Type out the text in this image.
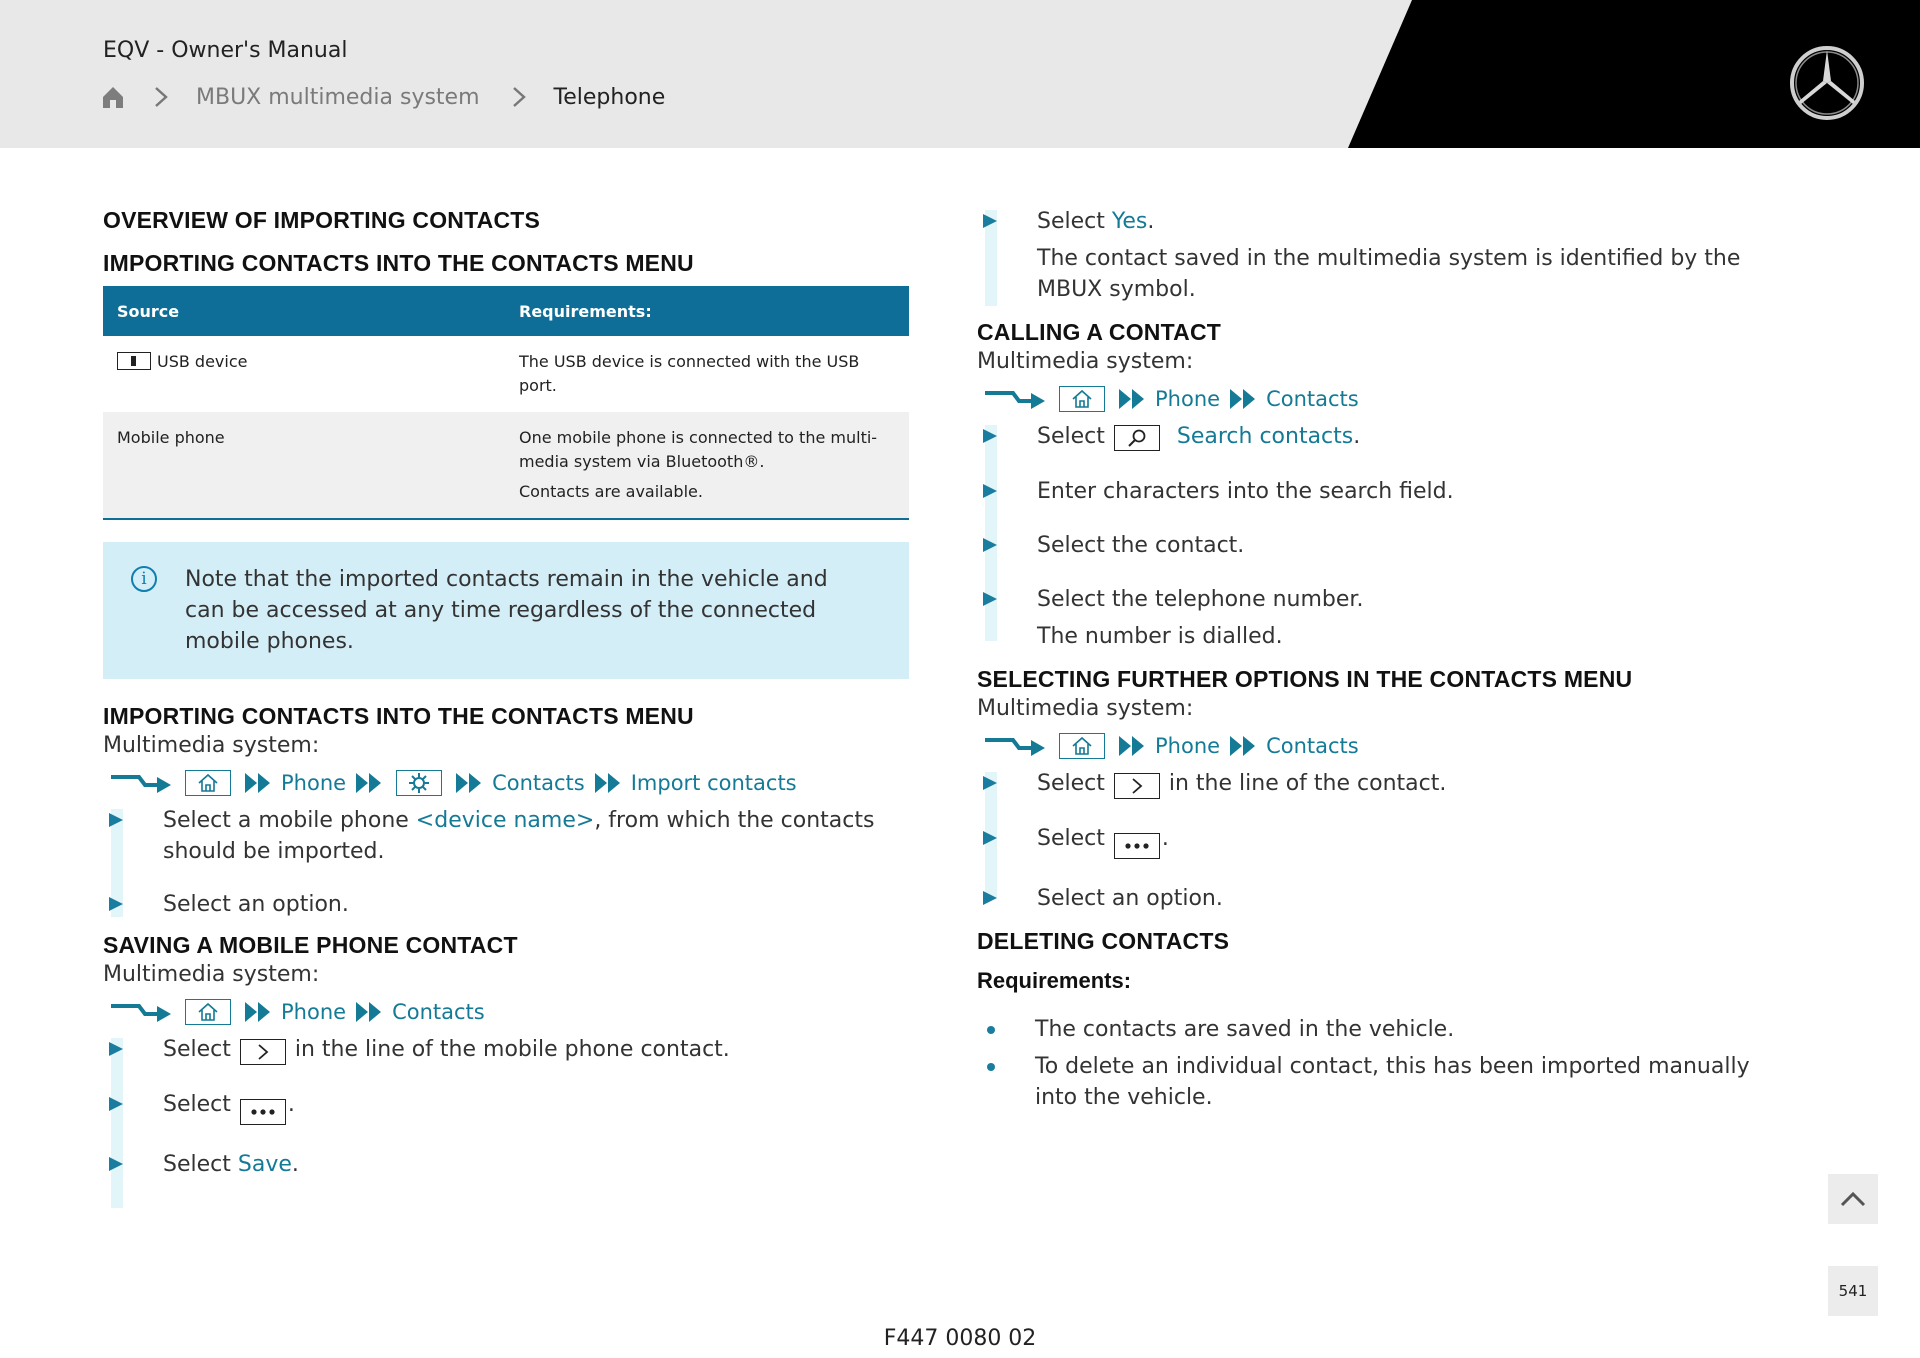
EQV - Owner's Manual
MBUX multimedia system	Telephone
OVERVIEW OF IMPORTING CONTACTS
IMPORTING CONTACTS INTO THE CONTACTS MENU
Source	Requirements:
USB device	The USB device is connected with the USB port.
Mobile phone	One mobile phone is connected to the multi-media system via Bluetooth®.
Contacts are available.
i	Note that the imported contacts remain in the vehicle and can be accessed at any time regardless of the connected mobile phones.
IMPORTING CONTACTS INTO THE CONTACTS MENU
Multimedia system:
Phone	Contacts Import contacts
Select a mobile phone <device name>, from which the contacts should be imported.
Select an option.
SAVING A MOBILE PHONE CONTACT
Multimedia system:
Phone Contacts
Select	in the line of the mobile phone contact.
Select	.
Select Save.
Select Yes.
The contact saved in the multimedia system is identified by the MBUX symbol.
CALLING A CONTACT
Multimedia system:
Phone Contacts
Select	Search contacts.
Enter characters into the search field.
Select the contact.
Select the telephone number.
The number is dialled.
SELECTING FURTHER OPTIONS IN THE CONTACTS MENU
Multimedia system:
Phone Contacts
Select	in the line of the contact.
Select	.
Select an option.
DELETING CONTACTS
Requirements:
The contacts are saved in the vehicle.
To delete an individual contact, this has been imported manually into the vehicle.
541
F447 0080 02
